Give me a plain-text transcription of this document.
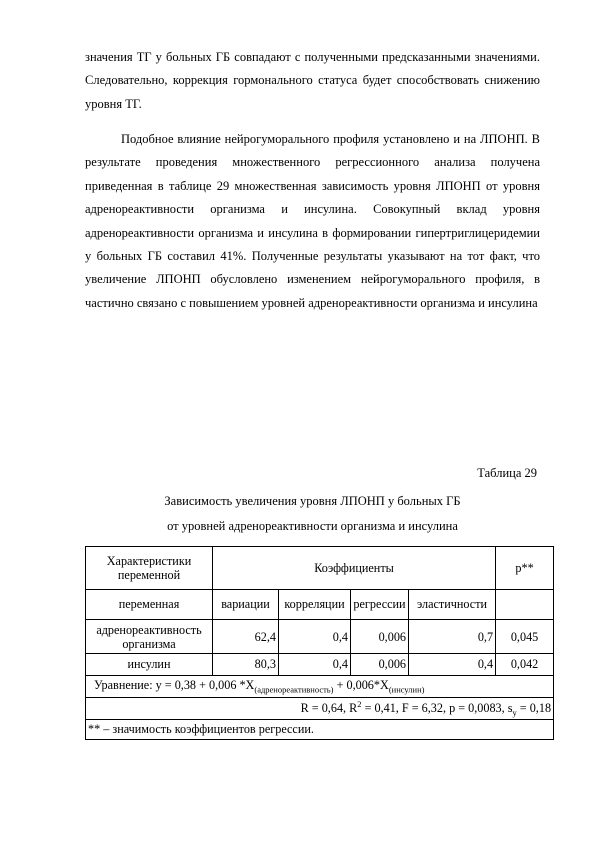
значения ТГ у больных ГБ совпадают с полученными предсказанными значениями. Следовательно, коррекция гормонального статуса будет способствовать снижению уровня ТГ.

Подобное влияние нейрогуморального профиля установлено и на ЛПОНП. В результате проведения множественного регрессионного анализа получена приведенная в таблице 29 множественная зависимость уровня ЛПОНП от уровня адренореактивности организма и инсулина. Совокупный вклад уровня адренореактивности организма и инсулина в формировании гипертриглицеридемии у больных ГБ составил 41%. Полученные результаты указывают на тот факт, что увеличение ЛПОНП обусловлено изменением нейрогуморального профиля, в частично связано с повышением уровней адренореактивности организма и инсулина

Таблица 29
Зависимость увеличения уровня ЛПОНП у больных ГБ
от уровней адренореактивности организма и инсулина
Характеристики переменной	Коэффициенты				p**
переменная	вариации	корреляции	регрессии	эластичности	
адренореактивность организма	62,4	0,4	0,006	0,7	0,045
инсулин	80,3	0,4	0,006	0,4	0,042
Уравнение: у = 0,38 + 0,006 $*Х_{(адренореактивность)} + 0,006*Х_{(инсулин)}$
R = 0,64, $R^2 = 0,41$, F = 6,32, p = 0,0083, $s_y = 0,18$					
** – значимость коэффициентов регрессии.					
